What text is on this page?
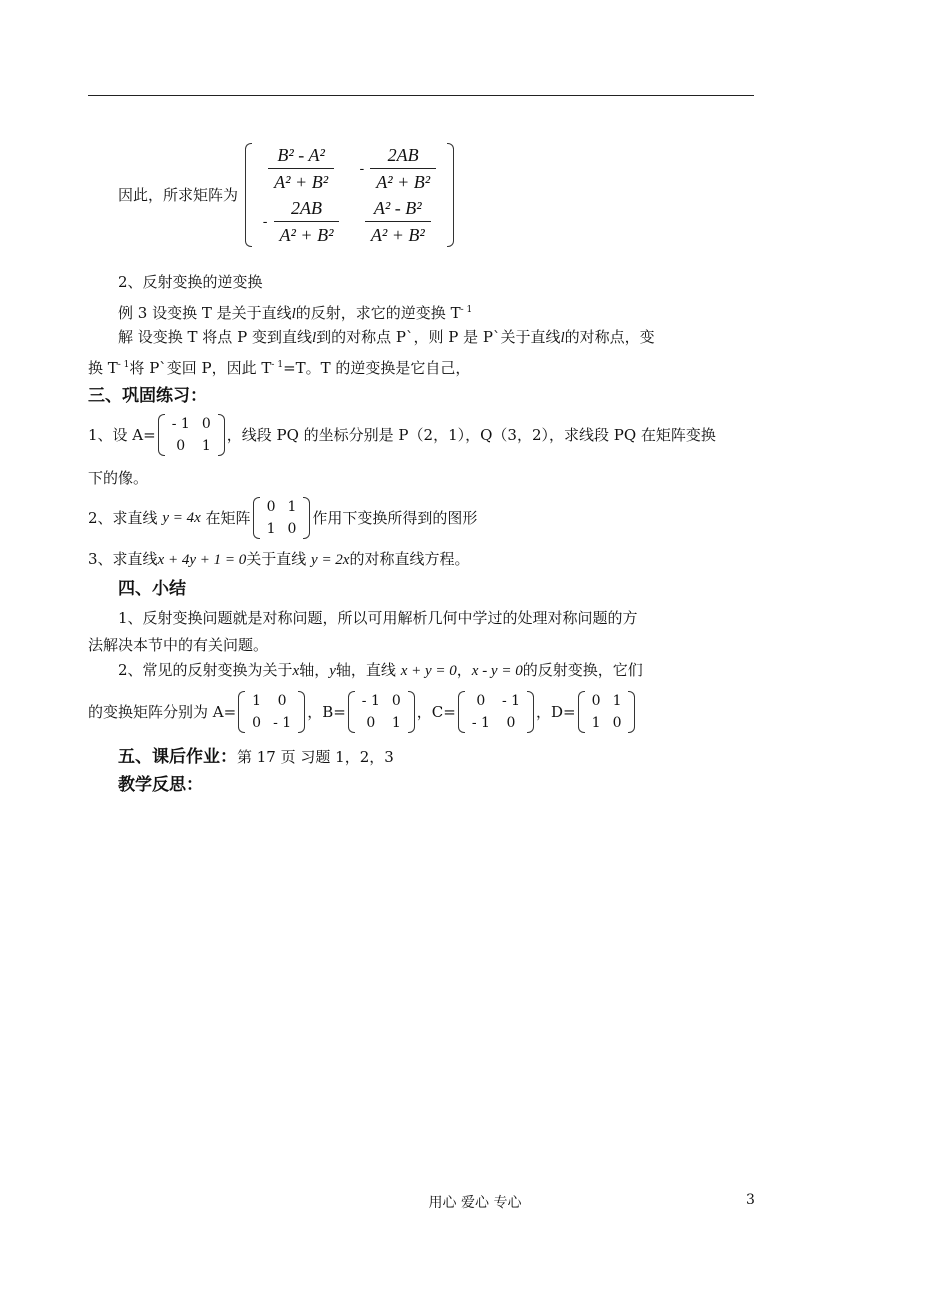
因此，所求矩阵为
$\frac{\text{B² - A²}}{\text{A² + B²}}$	- $\frac{2AB}{\text{A² + B²}}$

- $\frac{2AB}{\text{A² + B²}}$	$\frac{\text{A² - B²}}{\text{A² + B²}}$
2、反射变换的逆变换
例 3 设变换 T 是关于直线l的反射，求它的逆变换 $T^{- 1}$
解 设变换 T 将点 P 变到直线l到的对称点 P`，则 P 是 P`关于直线l的对称点，变
换 $T^{- 1}$将 P`变回 P，因此 $T^{- 1}=T$。T 的逆变换是它自己，
三、巩固练习：
1、设 A=
- 1	0
0	1
，线段 PQ 的坐标分别是 P（2，1），Q（3，2），求线段 PQ 在矩阵变换
下的像。
2、求直线 y = 4x 在矩阵
0	1
1	0
作用下变换所得到的图形
3、求直线x + 4y + 1 = 0关于直线 y = 2x的对称直线方程。
四、小结
1、反射变换问题就是对称问题，所以可用解析几何中学过的处理对称问题的方
法解决本节中的有关问题。
2、常见的反射变换为关于x轴，y轴，直线 x + y = 0，x - y = 0的反射变换，它们
的变换矩阵分别为 A=
1	0
0	- 1
，B=
- 1	0
0	1
，C=
0	- 1
- 1	0
，D=
0	1
1	0
五、课后作业：第 17 页 习题 1，2，3
教学反思：
用心 爱心 专心	3
